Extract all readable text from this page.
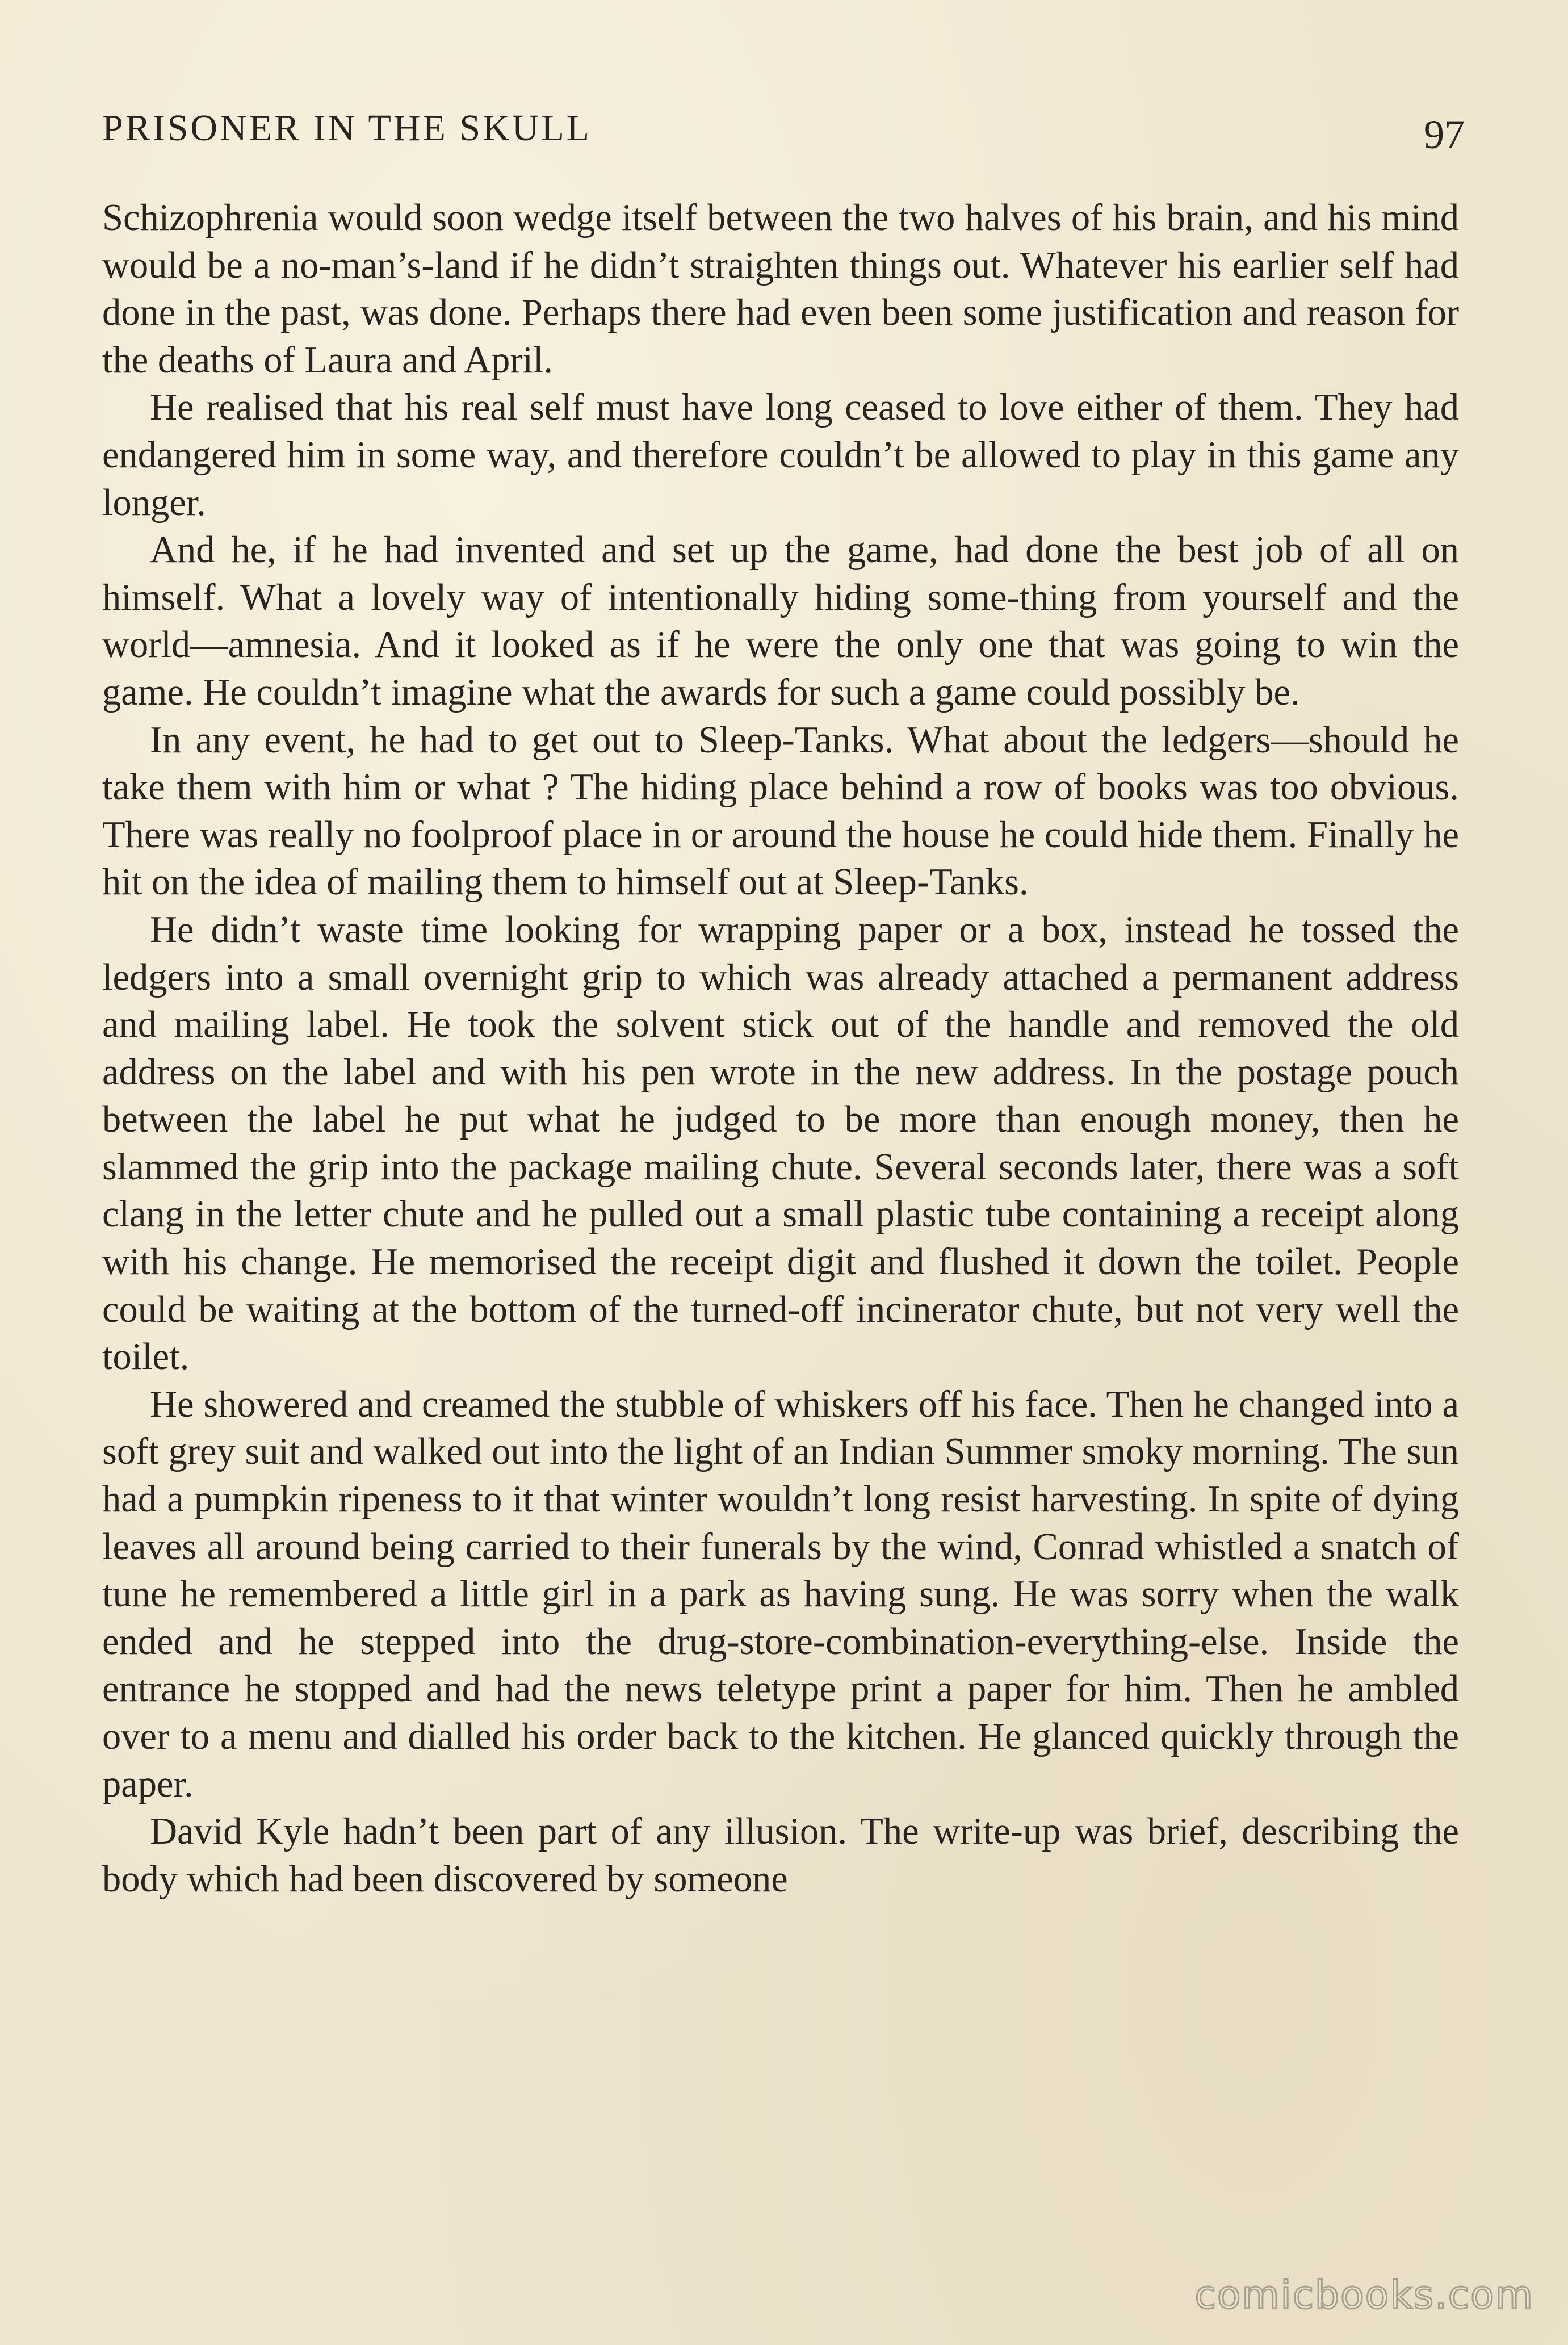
PRISONER IN THE SKULL	97

Schizophrenia would soon wedge itself between the two halves of his brain, and his mind would be a no-man’s-land if he didn’t straighten things out. Whatever his earlier self had done in the past, was done. Perhaps there had even been some justification and reason for the deaths of Laura and April.

He realised that his real self must have long ceased to love either of them. They had endangered him in some way, and therefore couldn’t be allowed to play in this game any longer.

And he, if he had invented and set up the game, had done the best job of all on himself. What a lovely way of intentionally hiding some-thing from yourself and the world—amnesia. And it looked as if he were the only one that was going to win the game. He couldn’t imagine what the awards for such a game could possibly be.

In any event, he had to get out to Sleep-Tanks. What about the ledgers—should he take them with him or what ? The hiding place behind a row of books was too obvious. There was really no foolproof place in or around the house he could hide them. Finally he hit on the idea of mailing them to himself out at Sleep-Tanks.

He didn’t waste time looking for wrapping paper or a box, instead he tossed the ledgers into a small overnight grip to which was already attached a permanent address and mailing label. He took the solvent stick out of the handle and removed the old address on the label and with his pen wrote in the new address. In the postage pouch between the label he put what he judged to be more than enough money, then he slammed the grip into the package mailing chute. Several seconds later, there was a soft clang in the letter chute and he pulled out a small plastic tube containing a receipt along with his change. He memorised the receipt digit and flushed it down the toilet. People could be waiting at the bottom of the turned-off incinerator chute, but not very well the toilet.

He showered and creamed the stubble of whiskers off his face. Then he changed into a soft grey suit and walked out into the light of an Indian Summer smoky morning. The sun had a pumpkin ripeness to it that winter wouldn’t long resist harvesting. In spite of dying leaves all around being carried to their funerals by the wind, Conrad whistled a snatch of tune he remembered a little girl in a park as having sung. He was sorry when the walk ended and he stepped into the drug-store-combination-everything-else. Inside the entrance he stopped and had the news teletype print a paper for him. Then he ambled over to a menu and dialled his order back to the kitchen. He glanced quickly through the paper.

David Kyle hadn’t been part of any illusion. The write-up was brief, describing the body which had been discovered by someone

comicbooks.com
